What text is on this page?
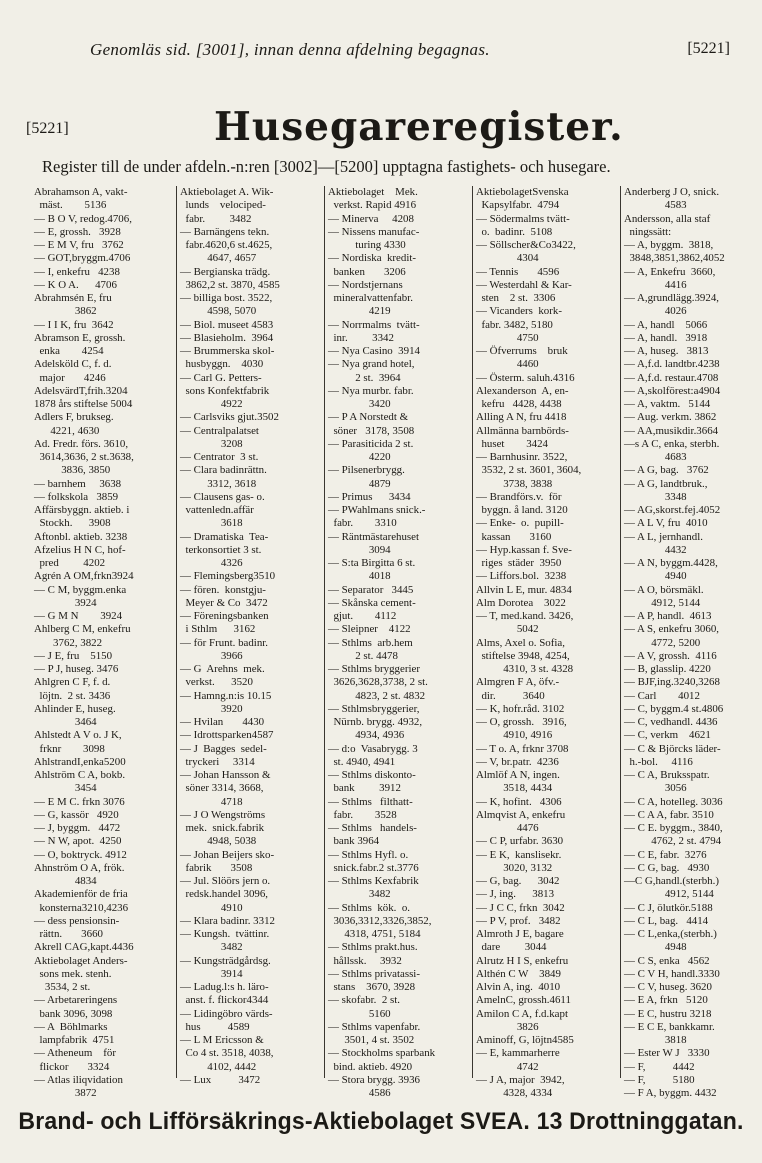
Genomläs sid. [3001], innan denna afdelning begagnas.	[5221]
[5221]	Husegareregister.
Register till de under afdeln.-n:ren [3002]—[5200] upptagna fastighets- och husegare.
Abrahamson A, vakt-
mäst.        5136
— B O V, redog.4706,
— E, grossh.   3928
— E M V, fru   3762
— GOT,bryggm.4706
— I, enkefru   4238
— K O A.      4706
Abrahmsén E, fru
3862
— I I K, fru  3642
Abramson E, grossh.
enka        4254
Adelsköld C, f. d.
major       4246
AdelsvärdT,frih.3204
1878 års stiftelse 5004
Adlers F, brukseg.
4221, 4630
Ad. Fredr. förs. 3610,
3614,3636, 2 st.3638,
3836, 3850
— barnhem     3638
— folkskola   3859
Affärsbyggn. aktieb. i
Stockh.      3908
Aftonbl. aktieb. 3238
Afzelius H N C, hof-
pred         4202
Agrén A OM,frkn3924
— C M, byggm.enka
3924
— G M N        3924
Ahlberg C M, enkefru
3762, 3822
— J E, fru    5150
— P J, huseg. 3476
Ahlgren C F, f. d.
löjtn.  2 st. 3436
Ahlinder E, huseg.
3464
Ahlstedt A V o. J K,
frknr        3098
AhlstrandI,enka5200
Ahlström C A, bokb.
3454
— E M C. frkn 3076
— G, kassör   4920
— J, byggm.   4472
— N W, apot.  4250
— O, boktryck. 4912
Ahnström O A, frök.
4834
Akademienför de fria
konsterna3210,4236
— dess pensionsin-
rättn.       3660
Akrell CAG,kapt.4436
Aktiebolaget Anders-
sons mek. stenh.
3534, 2 st.
— Arbetareringens
bank 3096, 3098
— A  Böhlmarks
lampfabrik  4751
— Atheneum    för
flickor       3324
— Atlas iliqvidation
3872
Aktiebolaget A. Wik-
lunds    velociped-
fabr.         3482
— Barnängens tekn.
fabr.4620,6 st.4625,
4647, 4657
— Bergianska trädg.
3862,2 st. 3870, 4585
— billiga bost. 3522,
4598, 5070
— Biol. museet 4583
— Blasieholm.  3964
— Brummerska skol-
husbyggn.    4030
— Carl G. Petters-
sons Konfektfabrik
4922
— Carlsviks gjut.3502
— Centralpalatset
3208
— Centrator  3 st.
— Clara badinrättn.
3312, 3618
— Clausens gas- o.
vattenledn.affär
3618
— Dramatiska  Tea-
terkonsortiet 3 st.
4326
— Flemingsberg3510
— fören.  konstgju-
Meyer & Co  3472
— Föreningsbanken
i Sthlm      3162
— för Frunt. badinr.
3966
— G  Arehns  mek.
verkst.      3520
— Hamng.n:is 10.15
3920
— Hvilan       4430
— Idrottsparken4587
— J  Bagges  sedel-
tryckeri     3314
— Johan Hansson &
söner 3314, 3668,
4718
— J O Wengströms
mek.  snick.fabrik
4948, 5038
— Johan Beijers sko-
fabrik       3508
— Jul. Slöörs jern o.
redsk.handel 3096,
4910
— Klara badinr. 3312
— Kungsh.  tvättinr.
3482
— Kungsträdgårdsg.
3914
— Ladug.l:s h. läro-
anst. f. flickor4344
— Lidingöbro värds-
hus          4589
— L M Ericsson &
Co 4 st. 3518, 4038,
4102, 4442
— Lux          3472
Aktiebolaget    Mek.
verkst. Rapid 4916
— Minerva     4208
— Nissens manufac-
turing 4330
— Nordiska  kredit-
banken       3206
— Nordstjernans
mineralvattenfabr.
4219
— Norrmalms  tvätt-
inr.         3342
— Nya Casino  3914
— Nya grand hotel,
2 st.  3964
— Nya murbr. fabr.
3420
— P A Norstedt &
söner   3178, 3508
— Parasiticida 2 st.
4220
— Pilsenerbrygg.
4879
— Primus      3434
— PWahlmans snick.-
fabr.        3310
— Räntmästarehuset
3094
— S:ta Birgitta 6 st.
4018
— Separator   3445
— Skånska cement-
gjut.        4112
— Sleipner    4122
— Sthlms  arb.hem
2 st. 4478
— Sthlms bryggerier
3626,3628,3738, 2 st.
4823, 2 st. 4832
— Sthlmsbryggerier,
Nürnb. brygg. 4932,
4934, 4936
— d:o  Vasabrygg. 3
st. 4940, 4941
— Sthlms diskonto-
bank         3912
— Sthlms   filthatt-
fabr.        3528
— Sthlms   handels-
bank 3964
— Sthlms Hyfl. o.
snick.fabr.2 st.3776
— Sthlms Kexfabrik
3482
— Sthlms  kök.  o.
3036,3312,3326,3852,
4318, 4751, 5184
— Sthlms prakt.hus.
hållssk.     3932
— Sthlms privatassi-
stans    3670, 3928
— skofabr.  2 st.
5160
— Sthlms vapenfabr.
3501, 4 st. 3502
— Stockholms sparbank
bind. aktieb. 4920
— Stora brygg. 3936
4586
AktiebolagetSvenska
Kapsylfabr.  4794
— Södermalms tvätt-
o.  badinr.  5108
— Söllscher&Co3422,
4304
— Tennis       4596
— Westerdahl & Kar-
sten    2 st.  3306
— Vicanders  kork-
fabr. 3482, 5180
4750
— Öfverrums    bruk
4460
— Österm. saluh.4316
Alexanderson  A, en-
kefru   4428, 4438
Alling A N, fru 4418
Allmänna barnbörds-
huset        3424
— Barnhusinr. 3522,
3532, 2 st. 3601, 3604,
3738, 3838
— Brandförs.v.  för
byggn. å land. 3120
— Enke-  o.  pupill-
kassan       3160
— Hyp.kassan f. Sve-
riges  städer  3950
— Liffors.bol.  3238
Allvin L E, mur. 4834
Alm Dorotea    3022
— T, med.kand. 3426,
5042
Alms, Axel o. Sofia,
stiftelse 3948, 4254,
4310, 3 st. 4328
Almgren F A, öfv.-
dir.          3640
— K, hofr.råd. 3102
— O, grossh.   3916,
4910, 4916
— T o. A, frknr 3708
— V, br.patr.  4236
Almlöf A N, ingen.
3518, 4434
— K, hofint.   4306
Almqvist A, enkefru
4476
— C P, urfabr. 3630
— E K,  kanslisekr.
3020, 3132
— G, bag.      3042
— J, ing.      3813
— J C C, frkn  3042
— P V, prof.   3482
Almroth J E, bagare
dare         3044
Alrutz H I S, enkefru
Althén C W    3849
Alvin A, ing.  4010
AmelnC, grossh.4611
Amilon C A, f.d.kapt
3826
Aminoff, G, löjtn4585
— E, kammarherre
4742
— J A, major  3942,
4328, 4334
Anderberg J O, snick.
4583
Andersson, alla staf
ningssätt:
— A, byggm.  3818,
3848,3851,3862,4052
— A, Enkefru  3660,
4416
— A,grundlägg.3924,
4026
— A, handl    5066
— A, handl.   3918
— A, huseg.   3813
— A,f.d. landtbr.4238
— A,f.d. restaur.4708
— A,skolförest:a4904
— A, vaktm.   5144
— Aug. verkm. 3862
— AA,musikdir.3664
—s A C, enka, sterbh.
4683
— A G, bag.   3762
— A G, landtbruk.,
3348
— AG,skorst.fej.4052
— A L V, fru  4010
— A L, jernhandl.
4432
— A N, byggm.4428,
4940
— A O, börsmäkl.
4912, 5144
— A P, handl.  4613
— A S, enkefru 3060,
4772, 5200
— A V, grossh.  4116
— B, glasslip. 4220
— BJF,ing.3240,3268
— Carl        4012
— C, byggm.4 st.4806
— C, vedhandl. 4436
— C, verkm    4621
— C & Björcks läder-
h.-bol.     4116
— C A, Bruksspatr.
3056
— C A, hotelleg. 3036
— C A A, fabr. 3510
— C E. byggm., 3840,
4762, 2 st. 4794
— C E, fabr.  3276
— C G, bag.   4930
—C G,handl.(sterbh.)
4912, 5144
— C J, ölutkör.5188
— C L, bag.   4414
— C L,enka,(sterbh.)
4948
— C S, enka   4562
— C V H, handl.3330
— C V, huseg. 3620
— E A, frkn   5120
— E C, hustru 3218
— E C E, bankkamr.
3818
— Ester W J   3330
— F,          4442
— F,          5180
— F A, byggm. 4432
Brand- och Lifförsäkrings-Aktiebolaget SVEA. 13 Drottninggatan.
